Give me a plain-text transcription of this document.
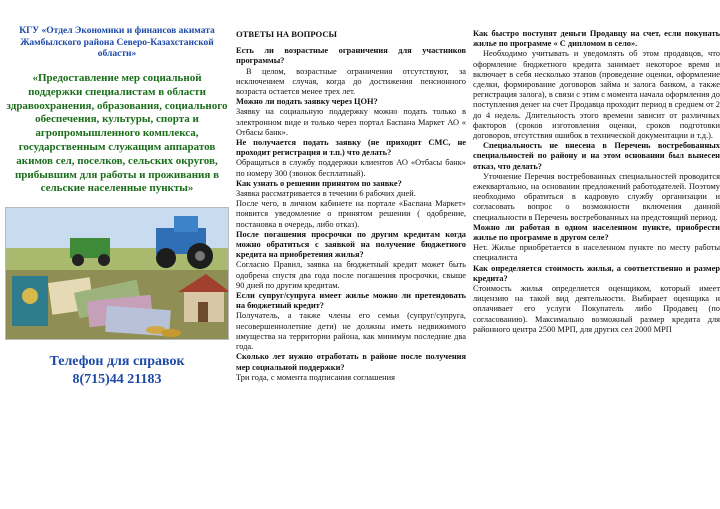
КГУ «Отдел Экономики и финансов акимата Жамбылского района Северо-Казахстанской области»
«Предоставление мер социальной поддержки специалистам в области здравоохранения, образования, социального обеспечения, культуры, спорта и агропромышленного комплекса, государственным служащим аппаратов акимов сел, поселков, сельских округов, прибывшим для работы и проживания в сельские населенные пункты»
Телефон для справок
8(715)44 21183
ОТВЕТЫ НА ВОПРОСЫ
Есть ли возрастные ограничения для участников программы?
В целом, возрастные ограничения отсутствуют, за исключением случая, когда до достижения пенсионного возраста остается менее трех лет.
Можно ли подать заявку через ЦОН?
Заявку на социальную поддержку можно подать только в электронном виде и только через портал Баспана Маркет АО « Отбасы банк».
Не получается подать заявку (не приходит СМС, не проходит регистрация и т.п.) что делать?
Обращаться в службу поддержки клиентов АО «Отбасы банк» по номеру 300 (звонок бесплатный).
Как узнать о решении принятом по заявке?
Заявка рассматривается в течении 6 рабочих дней.
После чего, в личном кабинете на портале «Баспана Маркет» появится уведомление о принятом решении ( одобрение, постановка в очередь, либо отказ).
После погашения просрочки по другим кредитам когда можно обратиться с заявкой на получение бюджетного кредита на приобретения жилья?
Согласно Правил, заявка на бюджетный кредит может быть одобрена спустя два года после погашения просрочки, свыше 90 дней по другим кредитам.
Если супруг/супруга имеет жилье можно ли претендовать на бюджетный кредит?
Получатель, а также члены его семьи (супруг/супруга, несовершеннолетние дети) не должны иметь недвижимого имущества на территории района, как минимум последние два года.
Сколько лет нужно отработать в районе после получения мер социальной поддержки?
Три года, с момента подписания соглашения
Как быстро поступят деньги Продавцу на счет, если покупать жилье по программе « С дипломом в село».
Необходимо учитывать и уведомлять об этом продавцов, что оформление бюджетного кредита занимает некоторое время и включает в себя несколько этапов (проведение оценки, оформление сделки, формирование договоров займа и залога банком, а также регистрация залога), в связи с этим с момента начала оформления до поступления денег на счет Продавца проходит период в среднем от 2 до 4 недель. Длительность этого времени зависит от различных факторов (сроков изготовления оценки, сроков подготовки договоров, отсутствия ошибок в технической документации и т.д.).
Специальность не внесена в Перечень востребованных специальностей по району и на этом основании был вынесен отказ, что делать?
Уточнение Перечня востребованных специальностей проводится ежеквартально, на основании предложений работодателей. Поэтому необходимо обратиться в кадровую службу организации и согласовать вопрос о возможности включения данной специальности в Перечень востребованных на предстоящий период.
Можно ли работая в одном населенном пункте, приобрести жилье по программе в другом селе?
Нет. Жилье приобретается в населенном пункте по месту работы специалиста
Как определяется стоимость жилья, а соответственно и размер кредита?
Стоимость жилья определяется оценщиком, который имеет лицензию на такой вид деятельности. Выбирает оценщика и оплачивает его услуги Покупатель либо Продавец (по согласованию). Максимально возможный размер кредита для районного центра 2500 МРП, для других сел 2000 МРП
